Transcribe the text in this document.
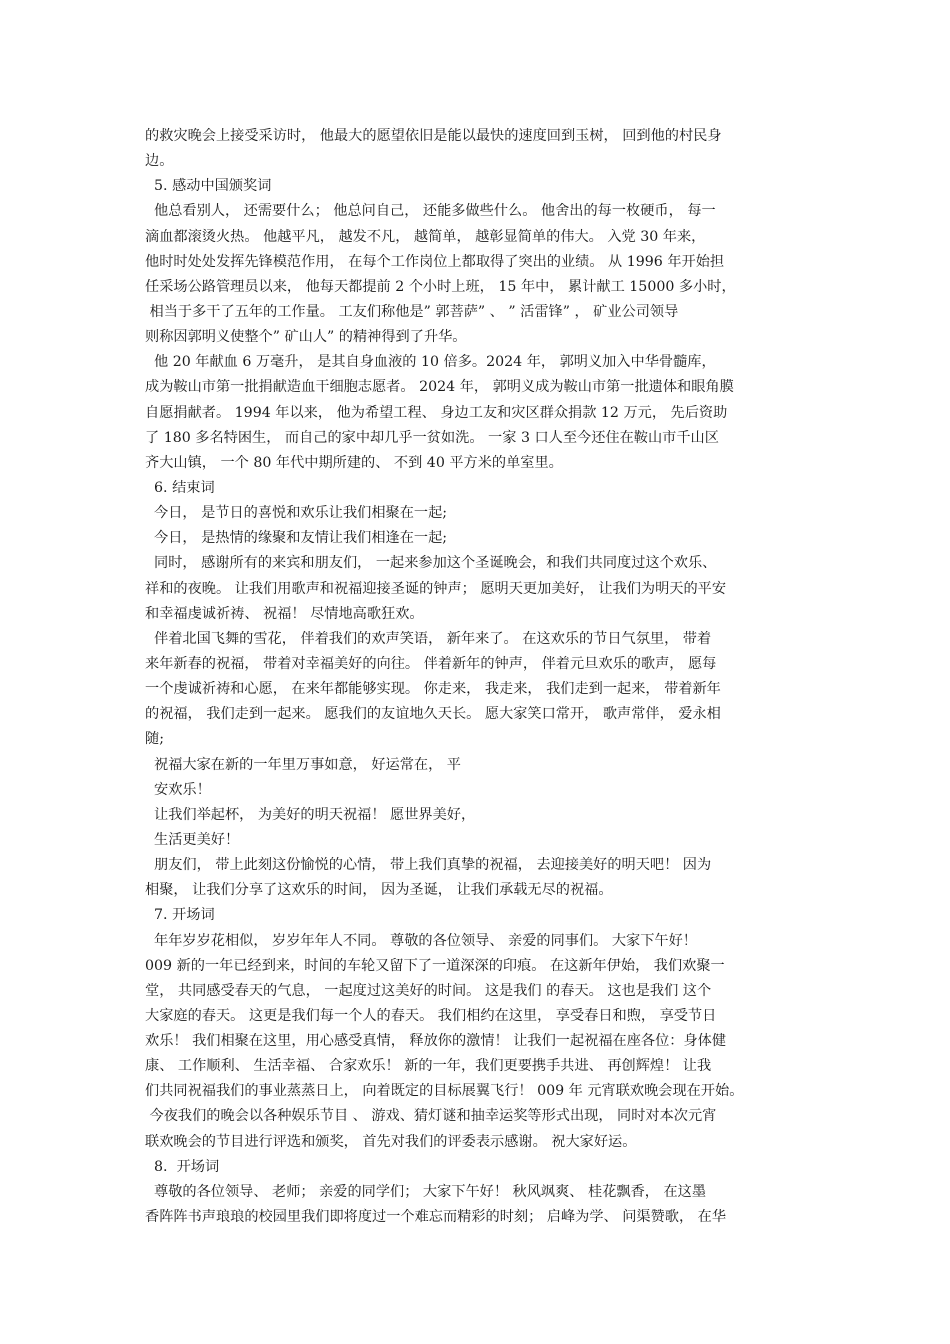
的救灾晚会上接受采访时， 他最大的愿望依旧是能以最快的速度回到玉树， 回到他的村民身
边。
5. 感动中国颁奖词
他总看别人， 还需要什么； 他总问自己， 还能多做些什么。 他舍出的每一枚硬币， 每一
滴血都滚烫火热。 他越平凡， 越发不凡， 越简单， 越彰显简单的伟大。 入党 30 年来，
他时时处处发挥先锋模范作用， 在每个工作岗位上都取得了突出的业绩。 从 1996 年开始担
任采场公路管理员以来， 他每天都提前 2 个小时上班， 15 年中， 累计献工 15000 多小时，
相当于多干了五年的工作量。 工友们称他是” 郭菩萨” 、 ” 活雷锋” ， 矿业公司领导
则称因郭明义使整个” 矿山人” 的精神得到了升华。
他 20 年献血 6 万毫升， 是其自身血液的 10 倍多。2024 年， 郭明义加入中华骨髓库，
成为鞍山市第一批捐献造血干细胞志愿者。 2024 年， 郭明义成为鞍山市第一批遗体和眼角膜
自愿捐献者。 1994 年以来， 他为希望工程、 身边工友和灾区群众捐款 12 万元， 先后资助
了 180 多名特困生， 而自己的家中却几乎一贫如洗。 一家 3 口人至今还住在鞍山市千山区
齐大山镇， 一个 80 年代中期所建的、 不到 40 平方米的单室里。
6. 结束词
今日， 是节日的喜悦和欢乐让我们相聚在一起;
今日， 是热情的缘聚和友情让我们相逢在一起;
同时， 感谢所有的来宾和朋友们， 一起来参加这个圣诞晚会，和我们共同度过这个欢乐、
祥和的夜晚。 让我们用歌声和祝福迎接圣诞的钟声； 愿明天更加美好， 让我们为明天的平安
和幸福虔诚祈祷、 祝福！ 尽情地高歌狂欢。
伴着北国飞舞的雪花， 伴着我们的欢声笑语， 新年来了。 在这欢乐的节日气氛里， 带着
来年新春的祝福， 带着对幸福美好的向往。 伴着新年的钟声， 伴着元旦欢乐的歌声， 愿每
一个虔诚祈祷和心愿， 在来年都能够实现。 你走来， 我走来， 我们走到一起来， 带着新年
的祝福， 我们走到一起来。 愿我们的友谊地久天长。 愿大家笑口常开， 歌声常伴， 爱永相
随;
祝福大家在新的一年里万事如意， 好运常在， 平
安欢乐！
让我们举起杯， 为美好的明天祝福！ 愿世界美好，
生活更美好！
朋友们， 带上此刻这份愉悦的心情， 带上我们真挚的祝福， 去迎接美好的明天吧！ 因为
相聚， 让我们分享了这欢乐的时间， 因为圣诞， 让我们承载无尽的祝福。
7. 开场词
年年岁岁花相似， 岁岁年年人不同。 尊敬的各位领导、 亲爱的同事们。 大家下午好！
009 新的一年已经到来，时间的车轮又留下了一道深深的印痕。 在这新年伊始， 我们欢聚一
堂， 共同感受春天的气息， 一起度过这美好的时间。 这是我们 的春天。 这也是我们 这个
大家庭的春天。 这更是我们每一个人的春天。 我们相约在这里， 享受春日和煦， 享受节日
欢乐！ 我们相聚在这里，用心感受真情， 释放你的激情！ 让我们一起祝福在座各位：身体健
康、 工作顺利、 生活幸福、 合家欢乐！ 新的一年，我们更要携手共进、 再创辉煌！ 让我
们共同祝福我们的事业蒸蒸日上， 向着既定的目标展翼飞行！ 009 年 元宵联欢晚会现在开始。
今夜我们的晚会以各种娱乐节目 、 游戏、猜灯谜和抽幸运奖等形式出现， 同时对本次元宵
联欢晚会的节目进行评选和颁奖， 首先对我们的评委表示感谢。 祝大家好运。
8.  开场词
尊敬的各位领导、 老师； 亲爱的同学们； 大家下午好！ 秋风飒爽、 桂花飘香， 在这墨
香阵阵书声琅琅的校园里我们即将度过一个难忘而精彩的时刻； 启峰为学、 问渠赞歌， 在华
